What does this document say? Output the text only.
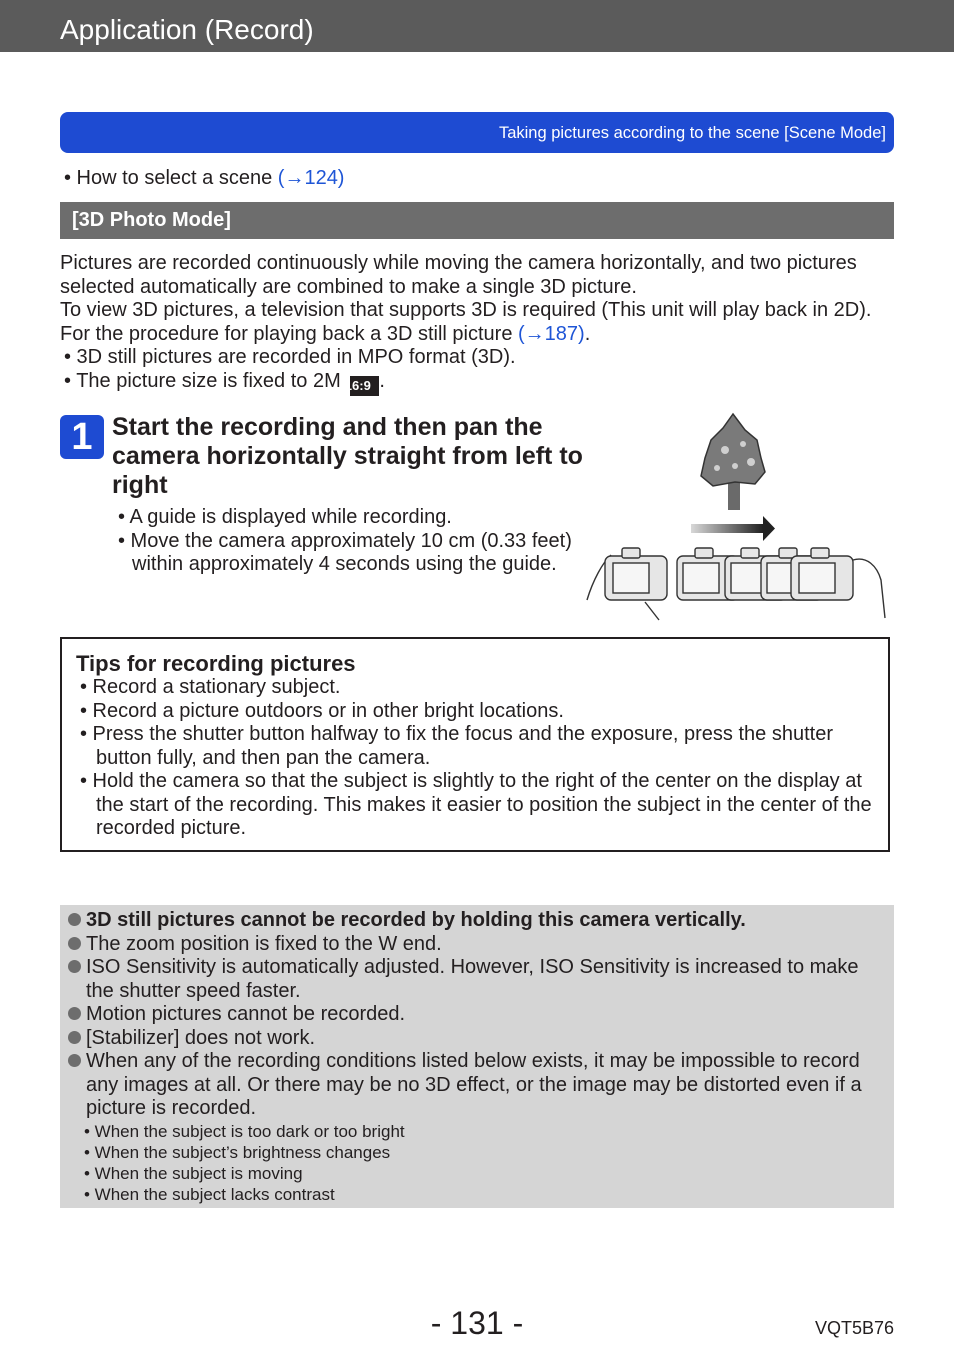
Application (Record)
Taking pictures according to the scene [Scene Mode]

• How to select a scene (→124)

[3D Photo Mode]
Pictures are recorded continuously while moving the camera horizontally, and two pictures selected automatically are combined to make a single 3D picture.
To view 3D pictures, a television that supports 3D is required (This unit will play back in 2D). For the procedure for playing back a 3D still picture (→187).
• 3D still pictures are recorded in MPO format (3D).
• The picture size is fixed to 2M 16:9 .
1 Start the recording and then pan the camera horizontally straight from left to right
• A guide is displayed while recording.
• Move the camera approximately 10 cm (0.33 feet) within approximately 4 seconds using the guide.
Tips for recording pictures
• Record a stationary subject.
• Record a picture outdoors or in other bright locations.
• Press the shutter button halfway to fix the focus and the exposure, press the shutter button fully, and then pan the camera.
• Hold the camera so that the subject is slightly to the right of the center on the display at the start of the recording. This makes it easier to position the subject in the center of the recorded picture.
3D still pictures cannot be recorded by holding this camera vertically.
The zoom position is fixed to the W end.
ISO Sensitivity is automatically adjusted. However, ISO Sensitivity is increased to make the shutter speed faster.
Motion pictures cannot be recorded.
[Stabilizer] does not work.
When any of the recording conditions listed below exists, it may be impossible to record any images at all. Or there may be no 3D effect, or the image may be distorted even if a picture is recorded.
• When the subject is too dark or too bright
• When the subject’s brightness changes
• When the subject is moving
• When the subject lacks contrast
- 131 -	VQT5B76
